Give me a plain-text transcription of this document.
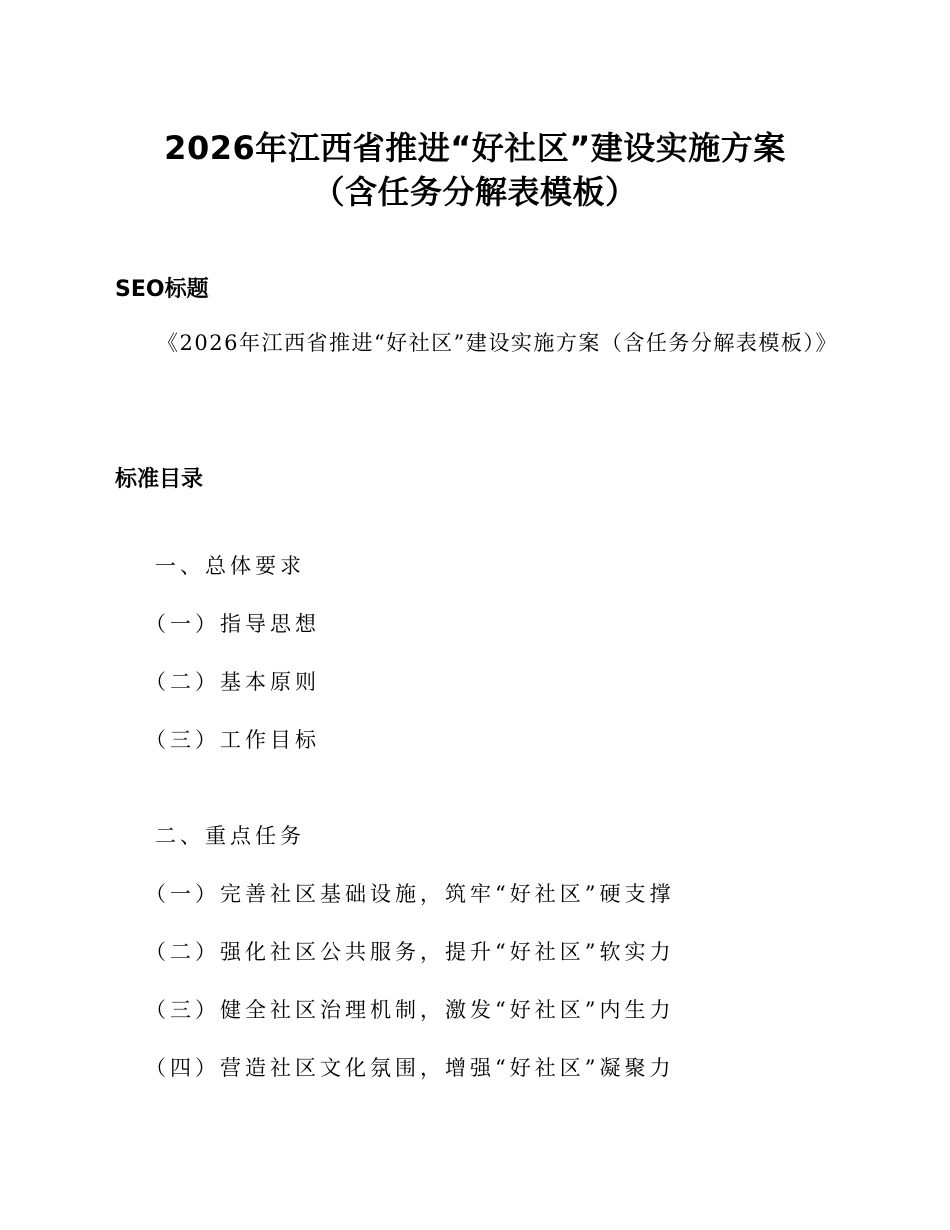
2026年江西省推进“好社区”建设实施方案
（含任务分解表模板）
SEO标题
《2026年江西省推进“好社区”建设实施方案（含任务分解表模板）》
标准目录
一、总体要求
（一）指导思想
（二）基本原则
（三）工作目标
二、重点任务
（一）完善社区基础设施，筑牢“好社区”硬支撑
（二）强化社区公共服务，提升“好社区”软实力
（三）健全社区治理机制，激发“好社区”内生力
（四）营造社区文化氛围，增强“好社区”凝聚力
